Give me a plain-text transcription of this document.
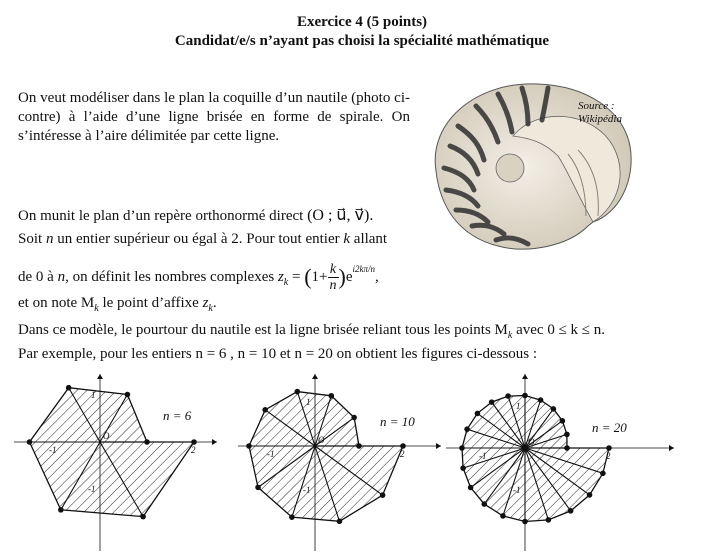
Exercice 4 (5 points)
Candidat/e/s n’ayant pas choisi la spécialité mathématique
On veut modéliser dans le plan la coquille d’un nautile (photo ci-contre) à l’aide d’une ligne brisée en forme de spirale. On s’intéresse à l’aire délimitée par cette ligne.
Source :
Wikipédia
On munit le plan d’un repère orthonormé direct (O ; u⃗, v⃗).
Soit n un entier supérieur ou égal à 2. Pour tout entier k allant
de 0 à n, on définit les nombres complexes $z_k = (1+ \frac{k}{n} )e^{i2k\pi/n}$,
et on note $M_k$ le point d’affixe $z_k$.
Dans ce modèle, le pourtour du nautile est la ligne brisée reliant tous les points $M_k$ avec 0 ≤ k ≤ n.
Par exemple, pour les entiers n = 6 , n = 10 et n = 20 on obtient les figures ci-dessous :
2
-1
1
-1
O
n = 6
2
-1
1
-1
O
n = 10
2
-1
1
-1
O
n = 20
